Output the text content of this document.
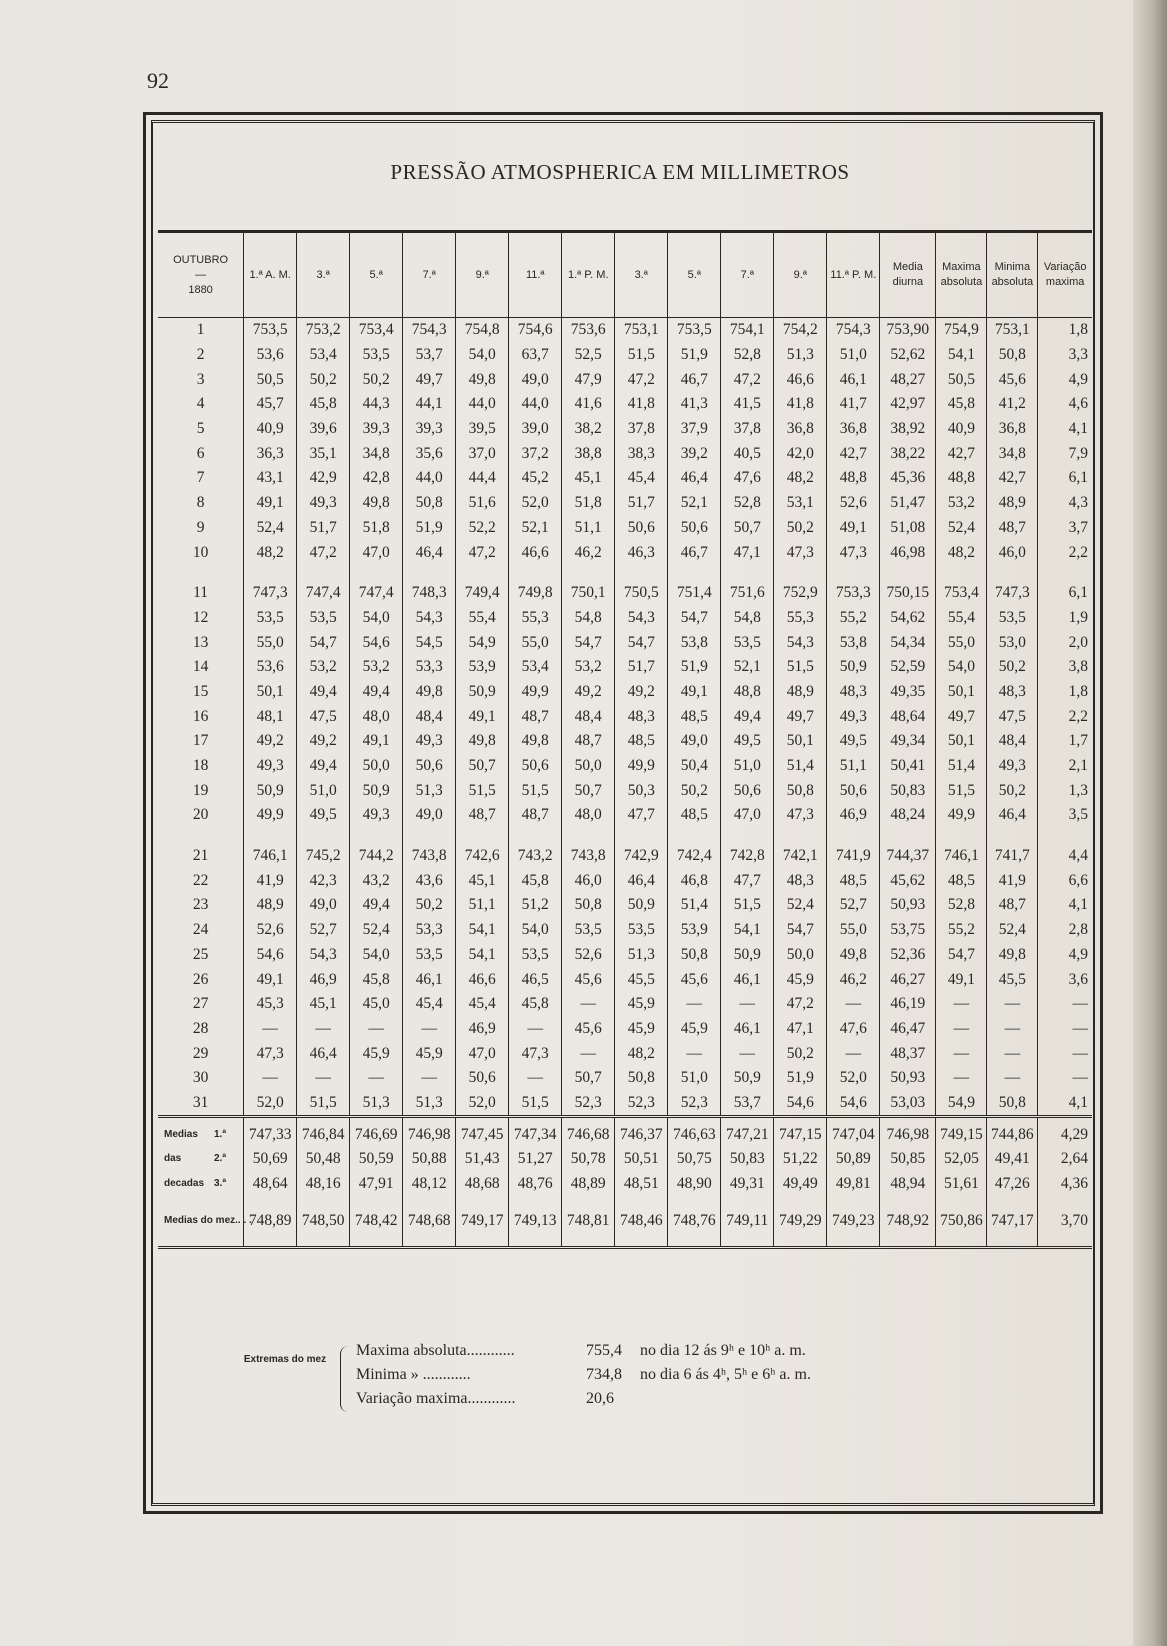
92
PRESSÃO ATMOSPHERICA EM MILLIMETROS
OUTUBRO
—
1880	1.ª A. M.	3.ª	5.ª	7.ª	9.ª	11.ª	1.ª P. M.	3.ª	5.ª	7.ª	9.ª	11.ª P. M.	Media diurna	Maxima absoluta	Minima absoluta	Variação maxima
1	753,5	753,2	753,4	754,3	754,8	754,6	753,6	753,1	753,5	754,1	754,2	754,3	753,90	754,9	753,1	1,8
2	53,6	53,4	53,5	53,7	54,0	63,7	52,5	51,5	51,9	52,8	51,3	51,0	52,62	54,1	50,8	3,3
3	50,5	50,2	50,2	49,7	49,8	49,0	47,9	47,2	46,7	47,2	46,6	46,1	48,27	50,5	45,6	4,9
4	45,7	45,8	44,3	44,1	44,0	44,0	41,6	41,8	41,3	41,5	41,8	41,7	42,97	45,8	41,2	4,6
5	40,9	39,6	39,3	39,3	39,5	39,0	38,2	37,8	37,9	37,8	36,8	36,8	38,92	40,9	36,8	4,1
6	36,3	35,1	34,8	35,6	37,0	37,2	38,8	38,3	39,2	40,5	42,0	42,7	38,22	42,7	34,8	7,9
7	43,1	42,9	42,8	44,0	44,4	45,2	45,1	45,4	46,4	47,6	48,2	48,8	45,36	48,8	42,7	6,1
8	49,1	49,3	49,8	50,8	51,6	52,0	51,8	51,7	52,1	52,8	53,1	52,6	51,47	53,2	48,9	4,3
9	52,4	51,7	51,8	51,9	52,2	52,1	51,1	50,6	50,6	50,7	50,2	49,1	51,08	52,4	48,7	3,7
10	48,2	47,2	47,0	46,4	47,2	46,6	46,2	46,3	46,7	47,1	47,3	47,3	46,98	48,2	46,0	2,2

11	747,3	747,4	747,4	748,3	749,4	749,8	750,1	750,5	751,4	751,6	752,9	753,3	750,15	753,4	747,3	6,1
12	53,5	53,5	54,0	54,3	55,4	55,3	54,8	54,3	54,7	54,8	55,3	55,2	54,62	55,4	53,5	1,9
13	55,0	54,7	54,6	54,5	54,9	55,0	54,7	54,7	53,8	53,5	54,3	53,8	54,34	55,0	53,0	2,0
14	53,6	53,2	53,2	53,3	53,9	53,4	53,2	51,7	51,9	52,1	51,5	50,9	52,59	54,0	50,2	3,8
15	50,1	49,4	49,4	49,8	50,9	49,9	49,2	49,2	49,1	48,8	48,9	48,3	49,35	50,1	48,3	1,8
16	48,1	47,5	48,0	48,4	49,1	48,7	48,4	48,3	48,5	49,4	49,7	49,3	48,64	49,7	47,5	2,2
17	49,2	49,2	49,1	49,3	49,8	49,8	48,7	48,5	49,0	49,5	50,1	49,5	49,34	50,1	48,4	1,7
18	49,3	49,4	50,0	50,6	50,7	50,6	50,0	49,9	50,4	51,0	51,4	51,1	50,41	51,4	49,3	2,1
19	50,9	51,0	50,9	51,3	51,5	51,5	50,7	50,3	50,2	50,6	50,8	50,6	50,83	51,5	50,2	1,3
20	49,9	49,5	49,3	49,0	48,7	48,7	48,0	47,7	48,5	47,0	47,3	46,9	48,24	49,9	46,4	3,5

21	746,1	745,2	744,2	743,8	742,6	743,2	743,8	742,9	742,4	742,8	742,1	741,9	744,37	746,1	741,7	4,4
22	41,9	42,3	43,2	43,6	45,1	45,8	46,0	46,4	46,8	47,7	48,3	48,5	45,62	48,5	41,9	6,6
23	48,9	49,0	49,4	50,2	51,1	51,2	50,8	50,9	51,4	51,5	52,4	52,7	50,93	52,8	48,7	4,1
24	52,6	52,7	52,4	53,3	54,1	54,0	53,5	53,5	53,9	54,1	54,7	55,0	53,75	55,2	52,4	2,8
25	54,6	54,3	54,0	53,5	54,1	53,5	52,6	51,3	50,8	50,9	50,0	49,8	52,36	54,7	49,8	4,9
26	49,1	46,9	45,8	46,1	46,6	46,5	45,6	45,5	45,6	46,1	45,9	46,2	46,27	49,1	45,5	3,6
27	45,3	45,1	45,0	45,4	45,4	45,8	—	45,9	—	—	47,2	—	46,19	—	—	—
28	—	—	—	—	46,9	—	45,6	45,9	45,9	46,1	47,1	47,6	46,47	—	—	—
29	47,3	46,4	45,9	45,9	47,0	47,3	—	48,2	—	—	50,2	—	48,37	—	—	—
30	—	—	—	—	50,6	—	50,7	50,8	51,0	50,9	51,9	52,0	50,93	—	—	—
31	52,0	51,5	51,3	51,3	52,0	51,5	52,3	52,3	52,3	53,7	54,6	54,6	53,03	54,9	50,8	4,1
Medias 1.ª	747,33	746,84	746,69	746,98	747,45	747,34	746,68	746,37	746,63	747,21	747,15	747,04	746,98	749,15	744,86	4,29
das 2.ª	50,69	50,48	50,59	50,88	51,43	51,27	50,78	50,51	50,75	50,83	51,22	50,89	50,85	52,05	49,41	2,64
decadas 3.ª	48,64	48,16	47,91	48,12	48,68	48,76	48,89	48,51	48,90	49,31	49,49	49,81	48,94	51,61	47,26	4,36
Medias do mez.. . .	748,89	748,50	748,42	748,68	749,17	749,13	748,81	748,46	748,76	749,11	749,29	749,23	748,92	750,86	747,17	3,70
Extremas do mez
Maxima absoluta............	755,4 no dia 12 ás 9ʰ e 10ʰ a. m.
Minima » ............	734,8 no dia 6 ás 4ʰ, 5ʰ e 6ʰ a. m.
Variação maxima............	20,6
